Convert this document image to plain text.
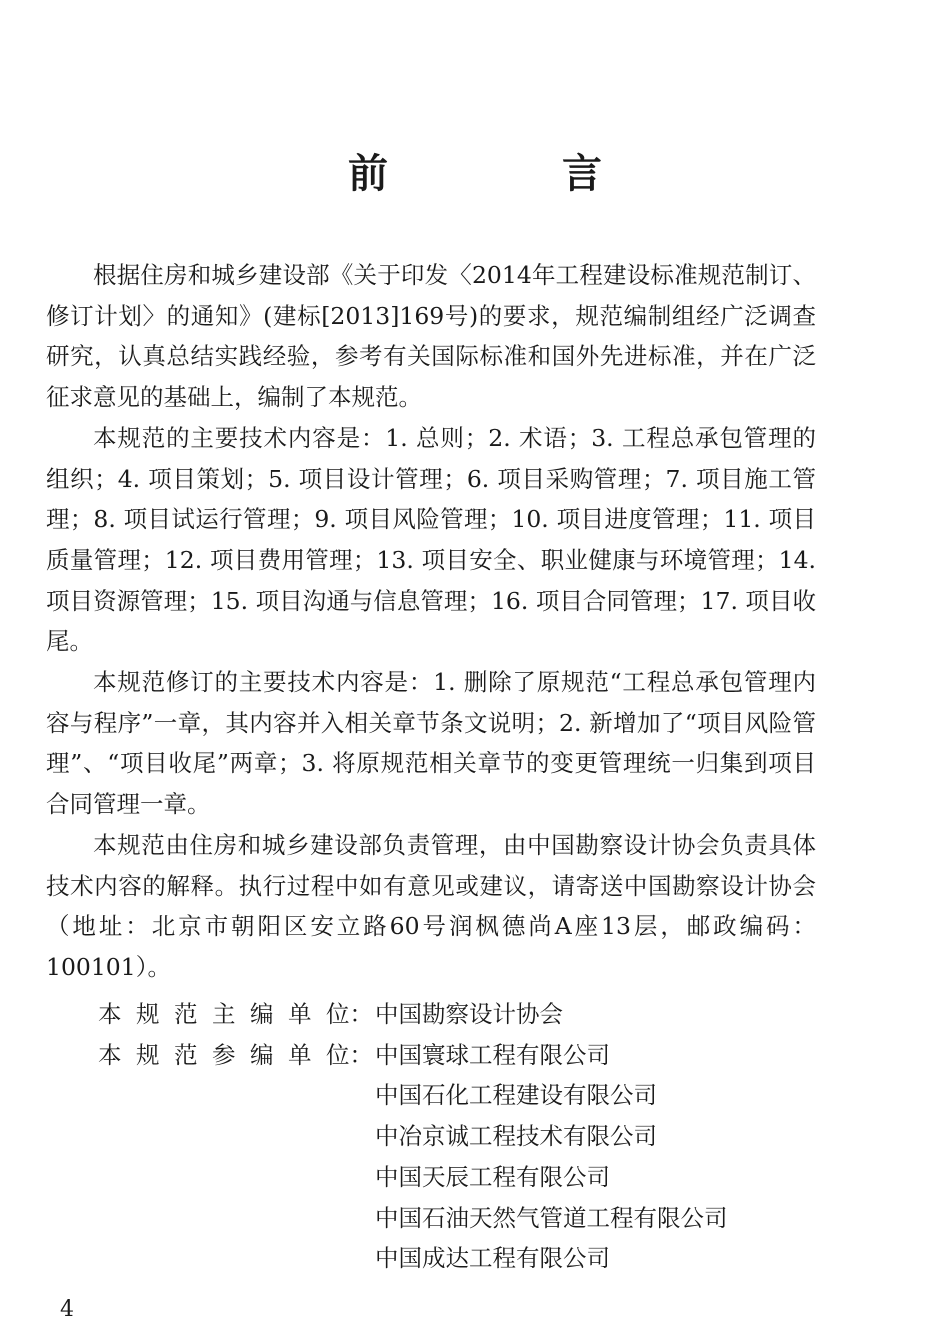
前 言

根据住房和城乡建设部《关于印发〈2014年工程建设标准规范制订、修订计划〉的通知》(建标[2013]169号)的要求，规范编制组经广泛调查研究，认真总结实践经验，参考有关国际标准和国外先进标准，并在广泛征求意见的基础上，编制了本规范。

本规范的主要技术内容是：1. 总则；2. 术语；3. 工程总承包管理的组织；4. 项目策划；5. 项目设计管理；6. 项目采购管理；7. 项目施工管理；8. 项目试运行管理；9. 项目风险管理；10. 项目进度管理；11. 项目质量管理；12. 项目费用管理；13. 项目安全、职业健康与环境管理；14. 项目资源管理；15. 项目沟通与信息管理；16. 项目合同管理；17. 项目收尾。

本规范修订的主要技术内容是：1. 删除了原规范“工程总承包管理内容与程序”一章，其内容并入相关章节条文说明；2. 新增加了“项目风险管理”、“项目收尾”两章；3. 将原规范相关章节的变更管理统一归集到项目合同管理一章。

本规范由住房和城乡建设部负责管理，由中国勘察设计协会负责具体技术内容的解释。执行过程中如有意见或建议，请寄送中国勘察设计协会（地址：北京市朝阳区安立路60号润枫德尚A座13层，邮政编码：100101）。

本 规 范 主 编 单 位： 中国勘察设计协会
本 规 范 参 编 单 位： 中国寰球工程有限公司
中国石化工程建设有限公司
中冶京诚工程技术有限公司
中国天辰工程有限公司
中国石油天然气管道工程有限公司
中国成达工程有限公司
4
